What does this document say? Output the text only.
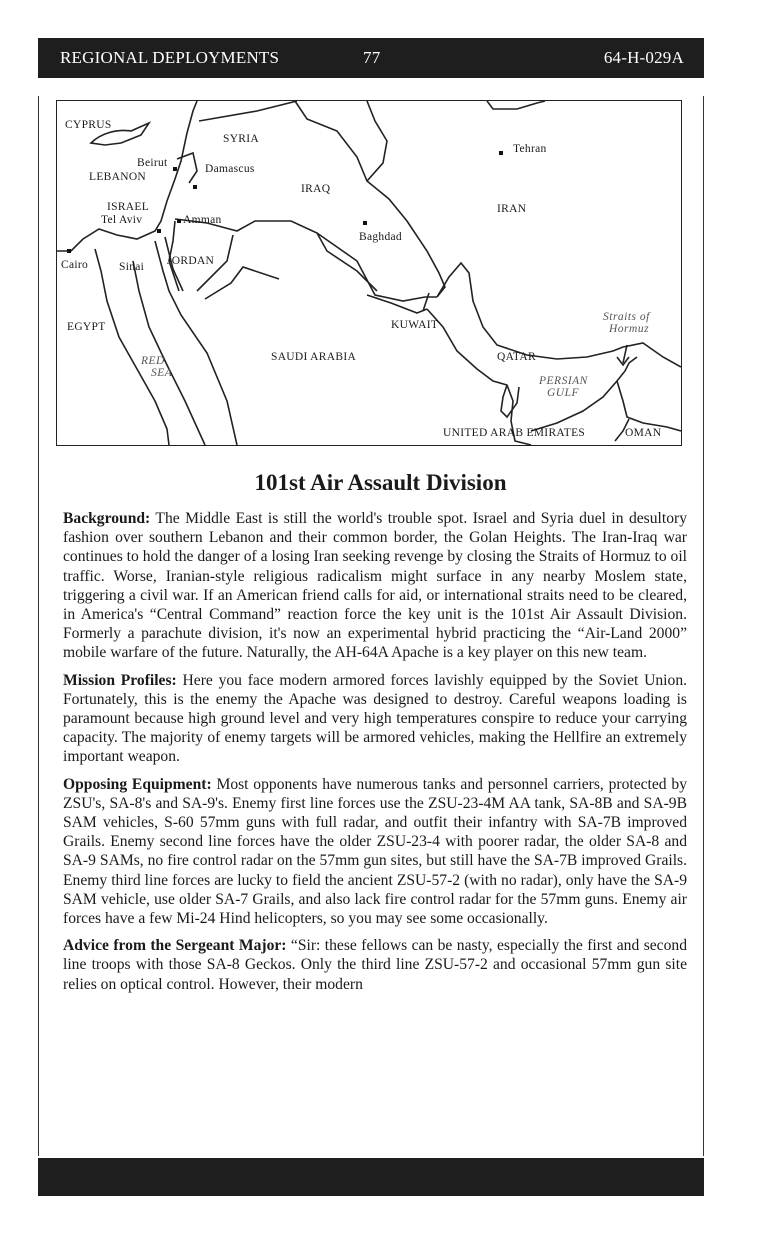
REGIONAL DEPLOYMENTS	77	64-H-029A
CYPRUS
SYRIA
Beirut
LEBANON
Damascus
ISRAEL
Tel Aviv	Amman
IRAQ
Tehran
IRAN
Baghdad
Cairo	Sinai JORDAN
EGYPT	KUWAIT
Straits of
Hormuz
RED
SEA
SAUDI ARABIA	QATAR
PERSIAN
GULF
UNITED ARAB EMIRATES	OMAN
101st Air Assault Division

Background: The Middle East is still the world's trouble spot. Israel and Syria duel in desultory fashion over southern Lebanon and their common border, the Golan Heights. The Iran-Iraq war continues to hold the danger of a losing Iran seeking revenge by closing the Straits of Hormuz to oil traffic. Worse, Iranian-style religious radicalism might surface in any nearby Moslem state, triggering a civil war. If an American friend calls for aid, or international straits need to be cleared, in America's “Central Command” reaction force the key unit is the 101st Air Assault Division. Formerly a parachute division, it's now an experimental hybrid practicing the “Air-Land 2000” mobile warfare of the future. Naturally, the AH-64A Apache is a key player on this new team.

Mission Profiles: Here you face modern armored forces lavishly equipped by the Soviet Union. Fortunately, this is the enemy the Apache was designed to destroy. Careful weapons loading is paramount because high ground level and very high temperatures conspire to reduce your carrying capacity. The majority of enemy targets will be armored vehicles, making the Hellfire an extremely important weapon.

Opposing Equipment: Most opponents have numerous tanks and personnel carriers, protected by ZSU's, SA-8's and SA-9's. Enemy first line forces use the ZSU-23-4M AA tank, SA-8B and SA-9B SAM vehicles, S-60 57mm guns with full radar, and outfit their infantry with SA-7B improved Grails. Enemy second line forces have the older ZSU-23-4 with poorer radar, the older SA-8 and SA-9 SAMs, no fire control radar on the 57mm gun sites, but still have the SA-7B improved Grails. Enemy third line forces are lucky to field the ancient ZSU-57-2 (with no radar), only have the SA-9 SAM vehicle, use older SA-7 Grails, and also lack fire control radar for the 57mm guns. Enemy air forces have a few Mi-24 Hind helicopters, so you may see some occasionally.

Advice from the Sergeant Major: “Sir: these fellows can be nasty, especially the first and second line troops with those SA-8 Geckos. Only the third line ZSU-57-2 and occasional 57mm gun site relies on optical control. However, their modern
